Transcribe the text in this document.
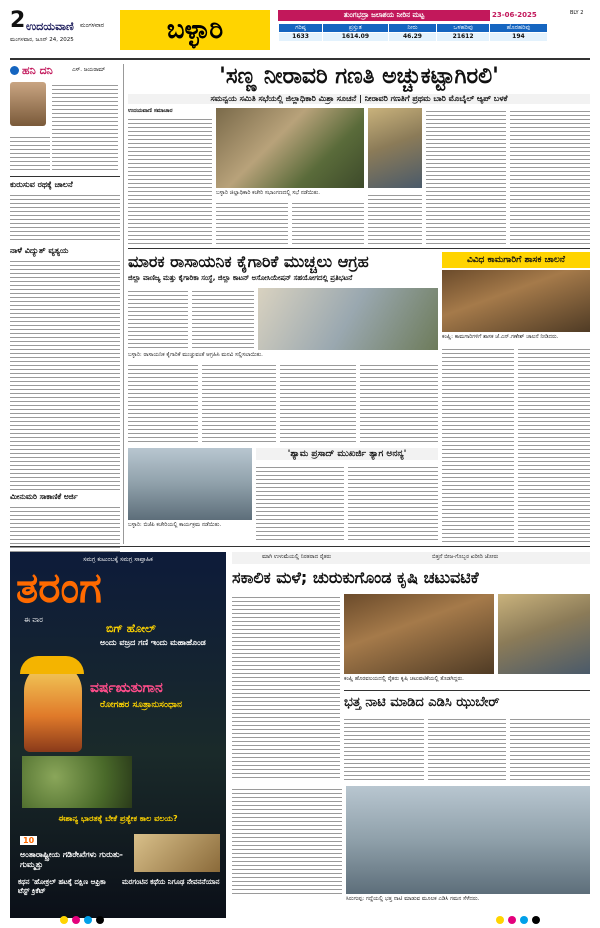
2 ಉದಯವಾಣಿ ಮಂಗಳವಾರ
ಮಂಗಳವಾರ, ಜೂನ್ 24, 2025	ಬಳ್ಳಾರಿ	ತುಂಗಭದ್ರಾ ಜಲಾಶಯ ನೀರಿನ ಮಟ್ಟ	23-06-2025
ಗರಿಷ್ಠ	ಪ್ರಸ್ತುತ	ನೀರು	ಒಳಹರಿವು	ಹೊರಹರಿವು
1633	1614.09	46.29	21612	194
BLY 2
ಹನಿ ದನಿ	ಎಸ್. ಜಯರಾಮ್
ಕುರುಸುವ ರಥಕ್ಕೆ ಚಾಲನೆ
ನಾಳೆ ವಿದ್ಯುತ್ ವ್ಯತ್ಯಯ
ಮೀನುಮರಿ ಸಾಕಾಣಿಕೆ ಅರ್ಜಿ
'ಸಣ್ಣ ನೀರಾವರಿ ಗಣತಿ ಅಚ್ಚುಕಟ್ಟಾಗಿರಲಿ'
ಸಮನ್ವಯ ಸಮಿತಿ ಸಭೆಯಲ್ಲಿ ಜಿಲ್ಲಾಧಿಕಾರಿ ಮಿಶ್ರಾ ಸೂಚನೆ | ನೀರಾವರಿ ಗಣತಿಗೆ ಪ್ರಥಮ ಬಾರಿ ಮೊಬೈಲ್ ಆ್ಯಪ್ ಬಳಕೆ
ಉದಯವಾಣಿ ಸಮಾಚಾರ
ಬಳ್ಳಾರಿ ಜಿಲ್ಲಾಧಿಕಾರಿ ಕಚೇರಿ ಸಭಾಂಗಣದಲ್ಲಿ ಸಭೆ ನಡೆಯಿತು.
ಮಾರಕ ರಾಸಾಯನಿಕ ಕೈಗಾರಿಕೆ ಮುಚ್ಚಲು ಆಗ್ರಹ
ಜಿಲ್ಲಾ ವಾಣಿಜ್ಯ ಮತ್ತು ಕೈಗಾರಿಕಾ ಸಂಸ್ಥೆ, ಜಿಲ್ಲಾ ಕಾಟನ್ ಅಸೋಸಿಯೇಷನ್ ಸಹಯೋಗದಲ್ಲಿ ಪ್ರತಿಭಟನೆ
ಬಳ್ಳಾರಿ: ರಾಸಾಯನಿಕ ಕೈಗಾರಿಕೆ ಮುಚ್ಚುವಂತೆ ಆಗ್ರಹಿಸಿ ಮನವಿ ಸಲ್ಲಿಸಲಾಯಿತು.
ವಿವಿಧ ಕಾಮಗಾರಿಗೆ ಶಾಸಕ ಚಾಲನೆ
ಕಂಪ್ಲಿ: ಕಾಮಗಾರಿಗಳಿಗೆ ಶಾಸಕ ಜೆ.ಎನ್.ಗಣೇಶ್ ಚಾಲನೆ ನೀಡಿದರು.
ಬಳ್ಳಾರಿ: ಬಿಜೆಪಿ ಕಚೇರಿಯಲ್ಲಿ ಕಾರ್ಯಕ್ರಮ ನಡೆಯಿತು.
'ಶ್ಯಾಮ ಪ್ರಸಾದ್ ಮುಖರ್ಜಿ ತ್ಯಾಗ ಅನನ್ಯ'
ಸಮಗ್ರ ಕುಟುಂಬಕ್ಕೆ ಸಮಗ್ರ ಸಾಪ್ತಾಹಿಕ
ತರಂಗ
ಈ ವಾರ
ಬಿಗ್ ಹೋಲ್
ಅಂದು ವಜ್ರದ ಗಣಿ ಇಂದು ಮಹಾಹೊಂಡ
ವರ್ಷಋತುಗಾನ
ರೋಗಹರ ಸೂತ್ರಾನುಸಂಧಾನ
ಈಶಾನ್ಯ ಭಾರತಕ್ಕೆ ಬೇಕೆ ಪ್ರತ್ಯೇಕ ಕಾಲ ವಲಯ?
10
ಅಂತಾರಾಷ್ಟ್ರೀಯ ಗಡಿರೇಖೆಗಳು ಗುರುತು-ಗುಮ್ಮತ್ತು
ಕಥನ 'ಹೋಕ್ರಲ್ ಹಟಕ್ಕೆ ದಕ್ಷಿಣ ಆಫ್ರಿಕಾ ಟೆಸ್ಟ್ ಕ್ರಿಕೆಟ್
ಮರಗಂಟಿನ ಕಥೆಯ ನಿಗೂಢ ನೇವನನೆಯಾನ
ಮಾಗಿ ಉಳುಮೆಯಲ್ಲಿ ನಿರತರಾದ ರೈತರು	ಬಿತ್ತನೆ ಬೀಜ-ಗೊಬ್ಬರ ಖರೀದಿ ಜೋರು
ಸಕಾಲಿಕ ಮಳೆ; ಚುರುಕುಗೊಂಡ ಕೃಷಿ ಚಟುವಟಿಕೆ
ಕಂಪ್ಲಿ ಹೊರವಲಯದಲ್ಲಿ ರೈತರು ಕೃಷಿ ಚಟುವಟಿಕೆಯಲ್ಲಿ ತೊಡಗಿದ್ದರು.
ಭತ್ತ ನಾಟಿ ಮಾಡಿದ ಎಡಿಸಿ ಝುಬೇರ್
ಸಿರುಗುಪ್ಪ: ಗದ್ದೆಯಲ್ಲಿ ಭತ್ತ ನಾಟಿ ಮಾಡುವ ಮೂಲಕ ಎಡಿಸಿ ಗಮನ ಸೆಳೆದರು.
